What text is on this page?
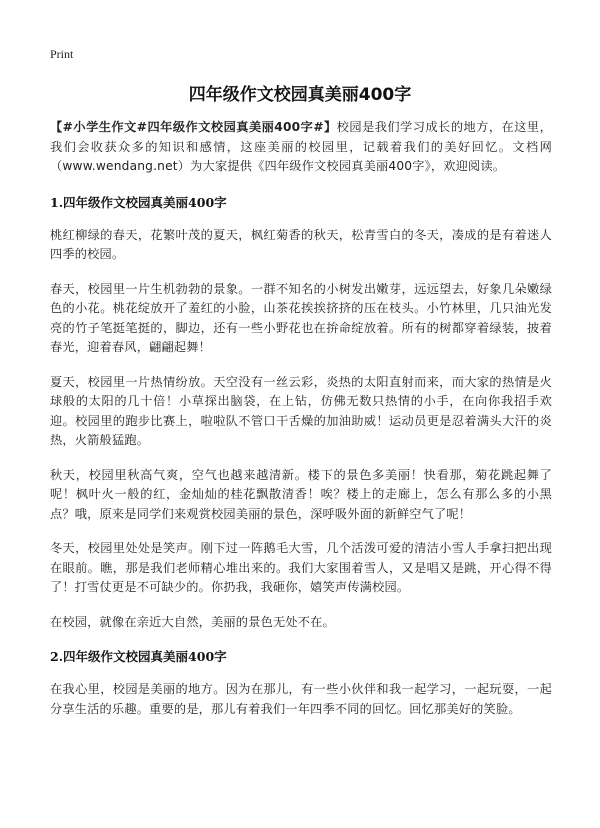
Print
四年级作文校园真美丽400字

【#小学生作文#四年级作文校园真美丽400字#】校园是我们学习成长的地方，在这里，我们会收获众多的知识和感情，这座美丽的校园里，记载着我们的美好回忆。文档网（www.wendang.net）为大家提供《四年级作文校园真美丽400字》，欢迎阅读。

1.四年级作文校园真美丽400字

桃红柳绿的春天，花繁叶茂的夏天，枫红菊香的秋天，松青雪白的冬天，凑成的是有着迷人四季的校园。

春天，校园里一片生机勃勃的景象。一群不知名的小树发出嫩芽，远远望去，好象几朵嫩绿色的小花。桃花绽放开了羞红的小脸，山茶花挨挨挤挤的压在枝头。小竹林里，几只油光发亮的竹子笔挺笔挺的，脚边，还有一些小野花也在拚命绽放着。所有的树都穿着绿装，披着春光，迎着春风，翩翩起舞！

夏天，校园里一片热情纷放。天空没有一丝云彩，炎热的太阳直射而来，而大家的热情是火球般的太阳的几十倍！小草探出脑袋，在上钻，仿佛无数只热情的小手，在向你我招手欢迎。校园里的跑步比赛上，啦啦队不管口干舌燥的加油助威！运动员更是忍着满头大汗的炎热，火箭般猛跑。

秋天，校园里秋高气爽，空气也越来越清新。楼下的景色多美丽！快看那，菊花跳起舞了呢！枫叶火一般的红，金灿灿的桂花飘散清香！唉？楼上的走廊上，怎么有那么多的小黑点？哦，原来是同学们来观赏校园美丽的景色，深呼吸外面的新鲜空气了呢！

冬天，校园里处处是笑声。刚下过一阵鹅毛大雪，几个活泼可爱的清洁小雪人手拿扫把出现在眼前。瞧，那是我们老师精心堆出来的。我们大家围着雪人，又是唱又是跳，开心得不得了！打雪仗更是不可缺少的。你扔我，我砸你，嬉笑声传满校园。

在校园，就像在亲近大自然，美丽的景色无处不在。

2.四年级作文校园真美丽400字

在我心里，校园是美丽的地方。因为在那儿，有一些小伙伴和我一起学习，一起玩耍，一起分享生活的乐趣。重要的是，那儿有着我们一年四季不同的回忆。回忆那美好的笑脸。
